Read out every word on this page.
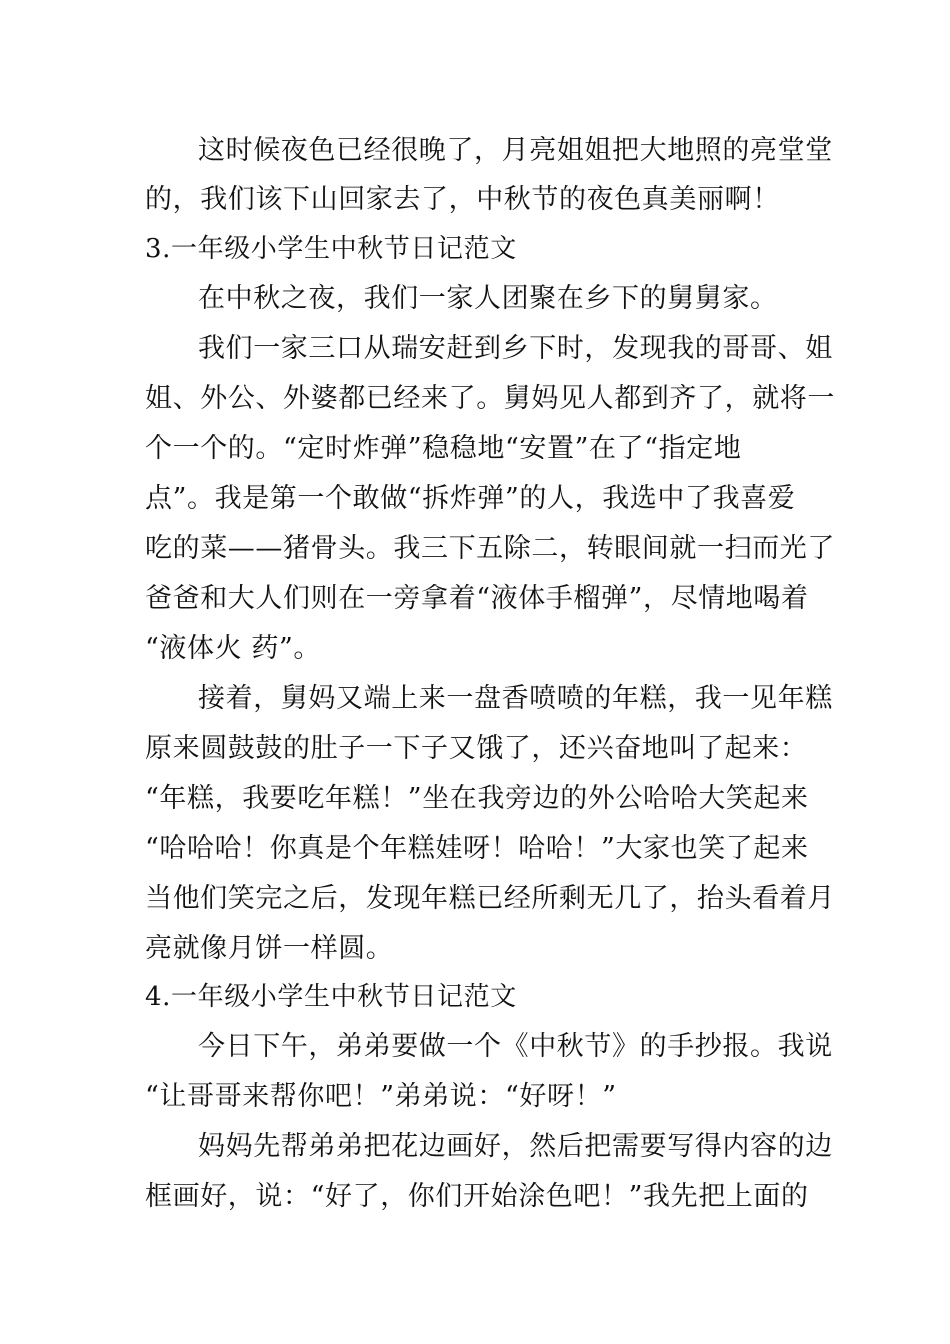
这时候夜色已经很晚了，月亮姐姐把大地照的亮堂堂
的，我们该下山回家去了，中秋节的夜色真美丽啊！
3.一年级小学生中秋节日记范文
在中秋之夜，我们一家人团聚在乡下的舅舅家。
我们一家三口从瑞安赶到乡下时，发现我的哥哥、姐
姐、外公、外婆都已经来了。舅妈见人都到齐了，就将一
个一个的。“定时炸弹”稳稳地“安置”在了“指定地
点”。我是第一个敢做“拆炸弹”的人，我选中了我喜爱
吃的菜——猪骨头。我三下五除二，转眼间就一扫而光了
爸爸和大人们则在一旁拿着“液体手榴弹”，尽情地喝着
“液体火 药”。
接着，舅妈又端上来一盘香喷喷的年糕，我一见年糕
原来圆鼓鼓的肚子一下子又饿了，还兴奋地叫了起来：
“年糕，我要吃年糕！”坐在我旁边的外公哈哈大笑起来
“哈哈哈！你真是个年糕娃呀！哈哈！”大家也笑了起来
当他们笑完之后，发现年糕已经所剩无几了，抬头看着月
亮就像月饼一样圆。
4.一年级小学生中秋节日记范文
今日下午，弟弟要做一个《中秋节》的手抄报。我说
“让哥哥来帮你吧！”弟弟说：“好呀！”
妈妈先帮弟弟把花边画好，然后把需要写得内容的边
框画好，说：“好了，你们开始涂色吧！”我先把上面的
